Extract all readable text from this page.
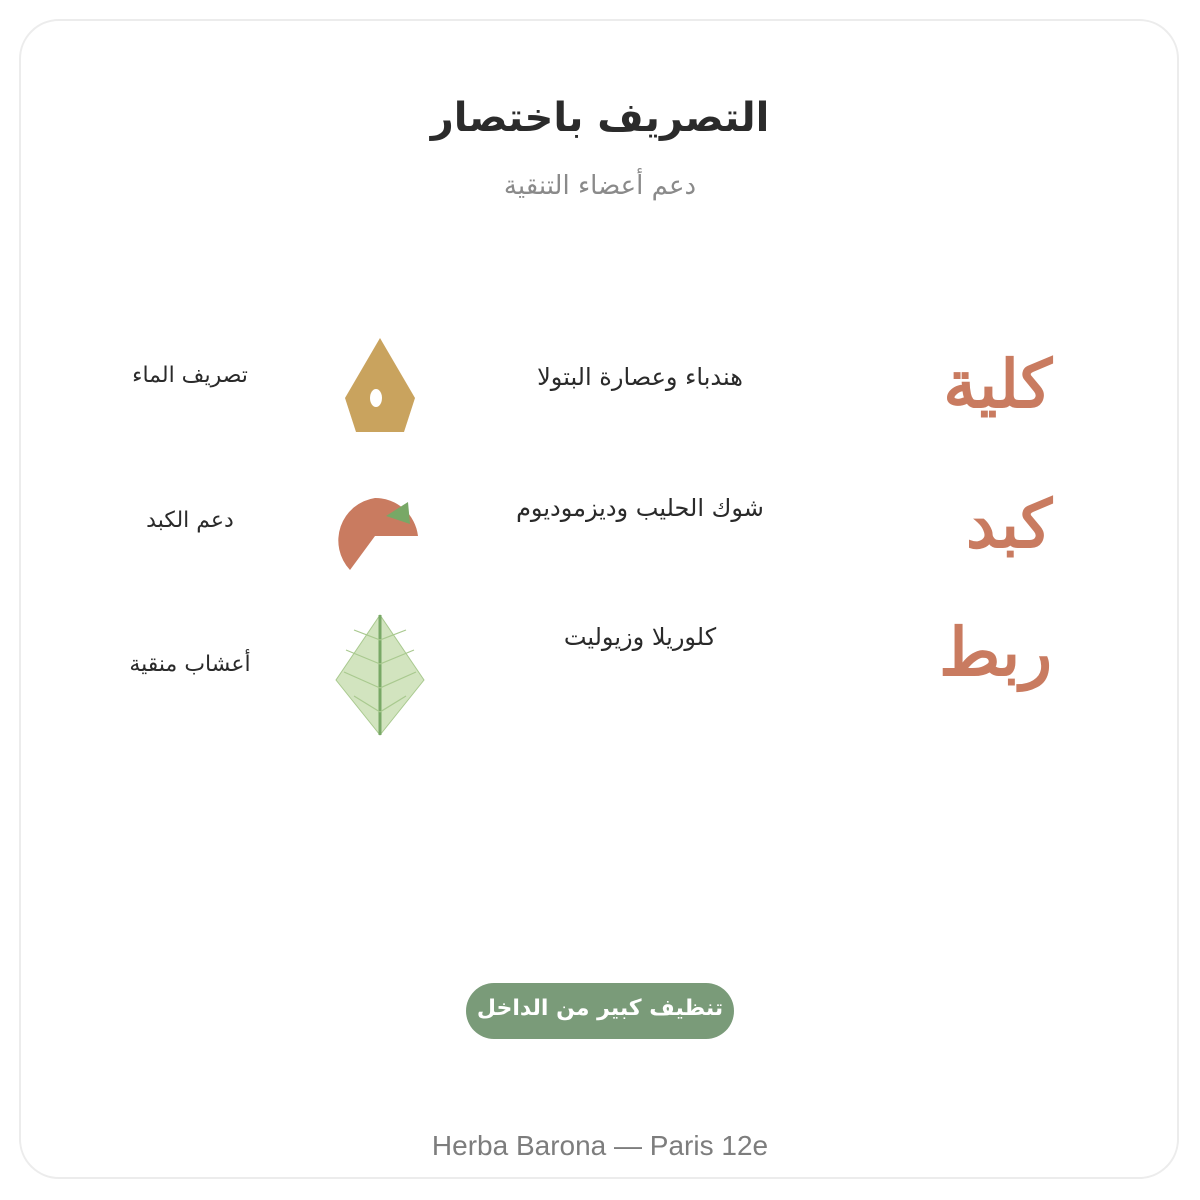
التصريف باختصار
دعم أعضاء التنقية
كلية
هندباء وعصارة البتولا
تصريف الماء
كبد
شوك الحليب وديزموديوم
دعم الكبد
ربط
كلوريلا وزيوليت
أعشاب منقية
تنظيف كبير من الداخل
Herba Barona — Paris 12e
